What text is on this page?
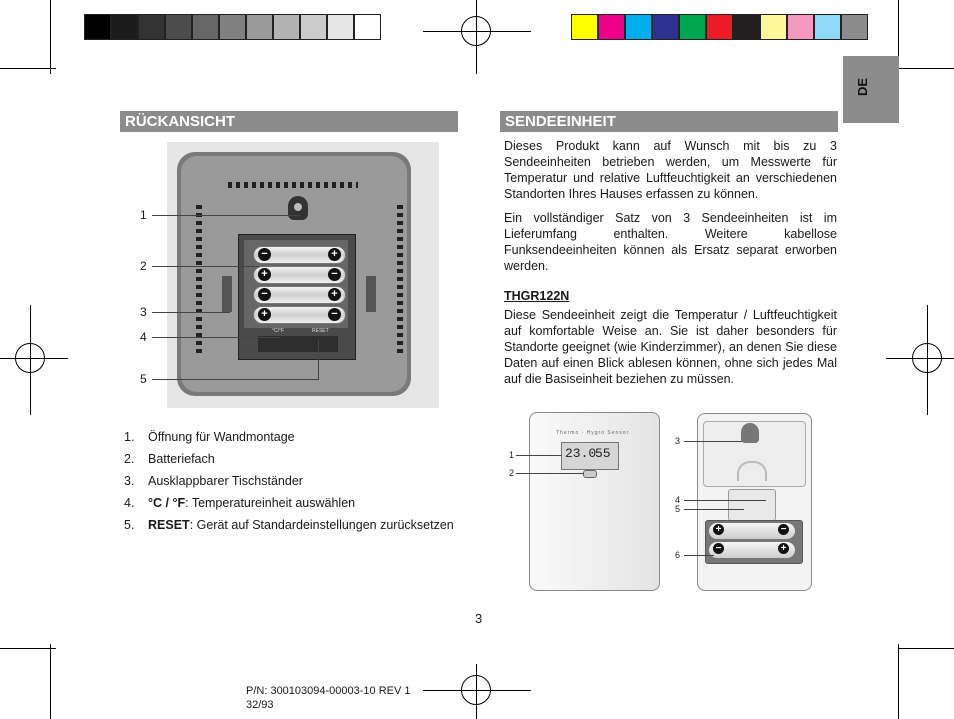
DE
RÜCKANSICHT
°C/°F	RESET
−	+
+	−
−	+
+	−
1
2
3
4
5
1. Öffnung für Wandmontage
2. Batteriefach
3. Ausklappbarer Tischständer
4. °C / °F: Temperatureinheit auswählen
5. RESET: Gerät auf Standardeinstellungen zurücksetzen
SENDEEINHEIT
Dieses Produkt kann auf Wunsch mit bis zu 3 Sendeeinheiten betrieben werden, um Messwerte für Temperatur und relative Luftfeuchtigkeit an verschiedenen Standorten Ihres Hauses erfassen zu können.
Ein vollständiger Satz von 3 Sendeeinheiten ist im Lieferumfang enthalten. Weitere kabellose Funksendeeinheiten können als Ersatz separat erworben werden.
THGR122N
Diese Sendeeinheit zeigt die Temperatur / Luftfeuchtigkeit auf komfortable Weise an. Sie ist daher besonders für Standorte geeignet (wie Kinderzimmer), an denen Sie diese Daten auf einen Blick ablesen können, ohne sich jedes Mal auf die Basiseinheit beziehen zu müssen.
Thermo · Hygro Sensor
23.0
55
1
2
+	−
−	+
3
4
5
6
3
P/N: 300103094-00003-10 REV 1
32/93
